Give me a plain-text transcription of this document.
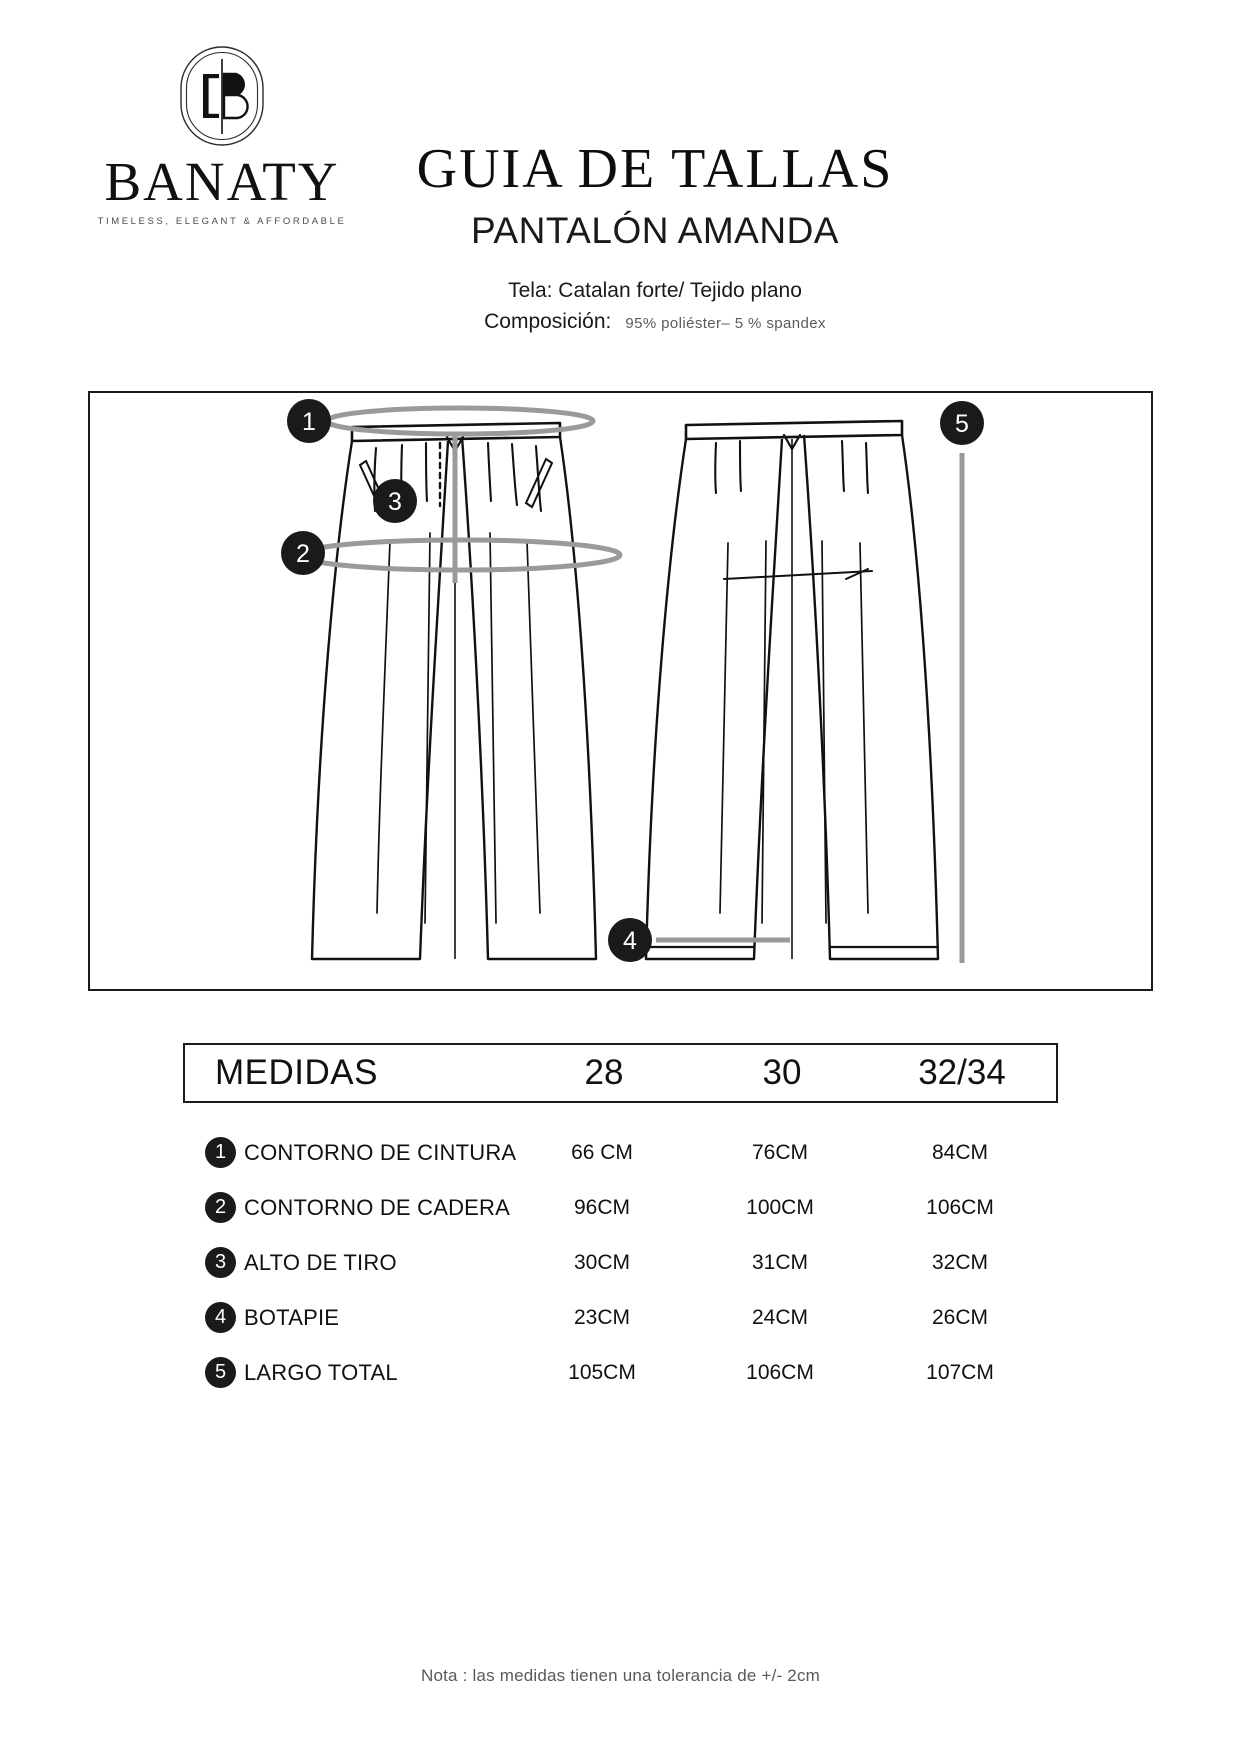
BANATY
TIMELESS, ELEGANT & AFFORDABLE
GUIA DE TALLAS
PANTALÓN AMANDA
Tela: Catalan forte/ Tejido plano
Composición: 95% poliéster– 5 % spandex
1
2
3
4
5
MEDIDAS	28	30	32/34
1 CONTORNO DE CINTURA	66 CM	76CM	84CM
2 CONTORNO DE CADERA	96CM	100CM	106CM
3 ALTO DE TIRO	30CM	31CM	32CM
4 BOTAPIE	23CM	24CM	26CM
5 LARGO TOTAL	105CM	106CM	107CM
Nota : las medidas tienen una tolerancia de +/- 2cm
